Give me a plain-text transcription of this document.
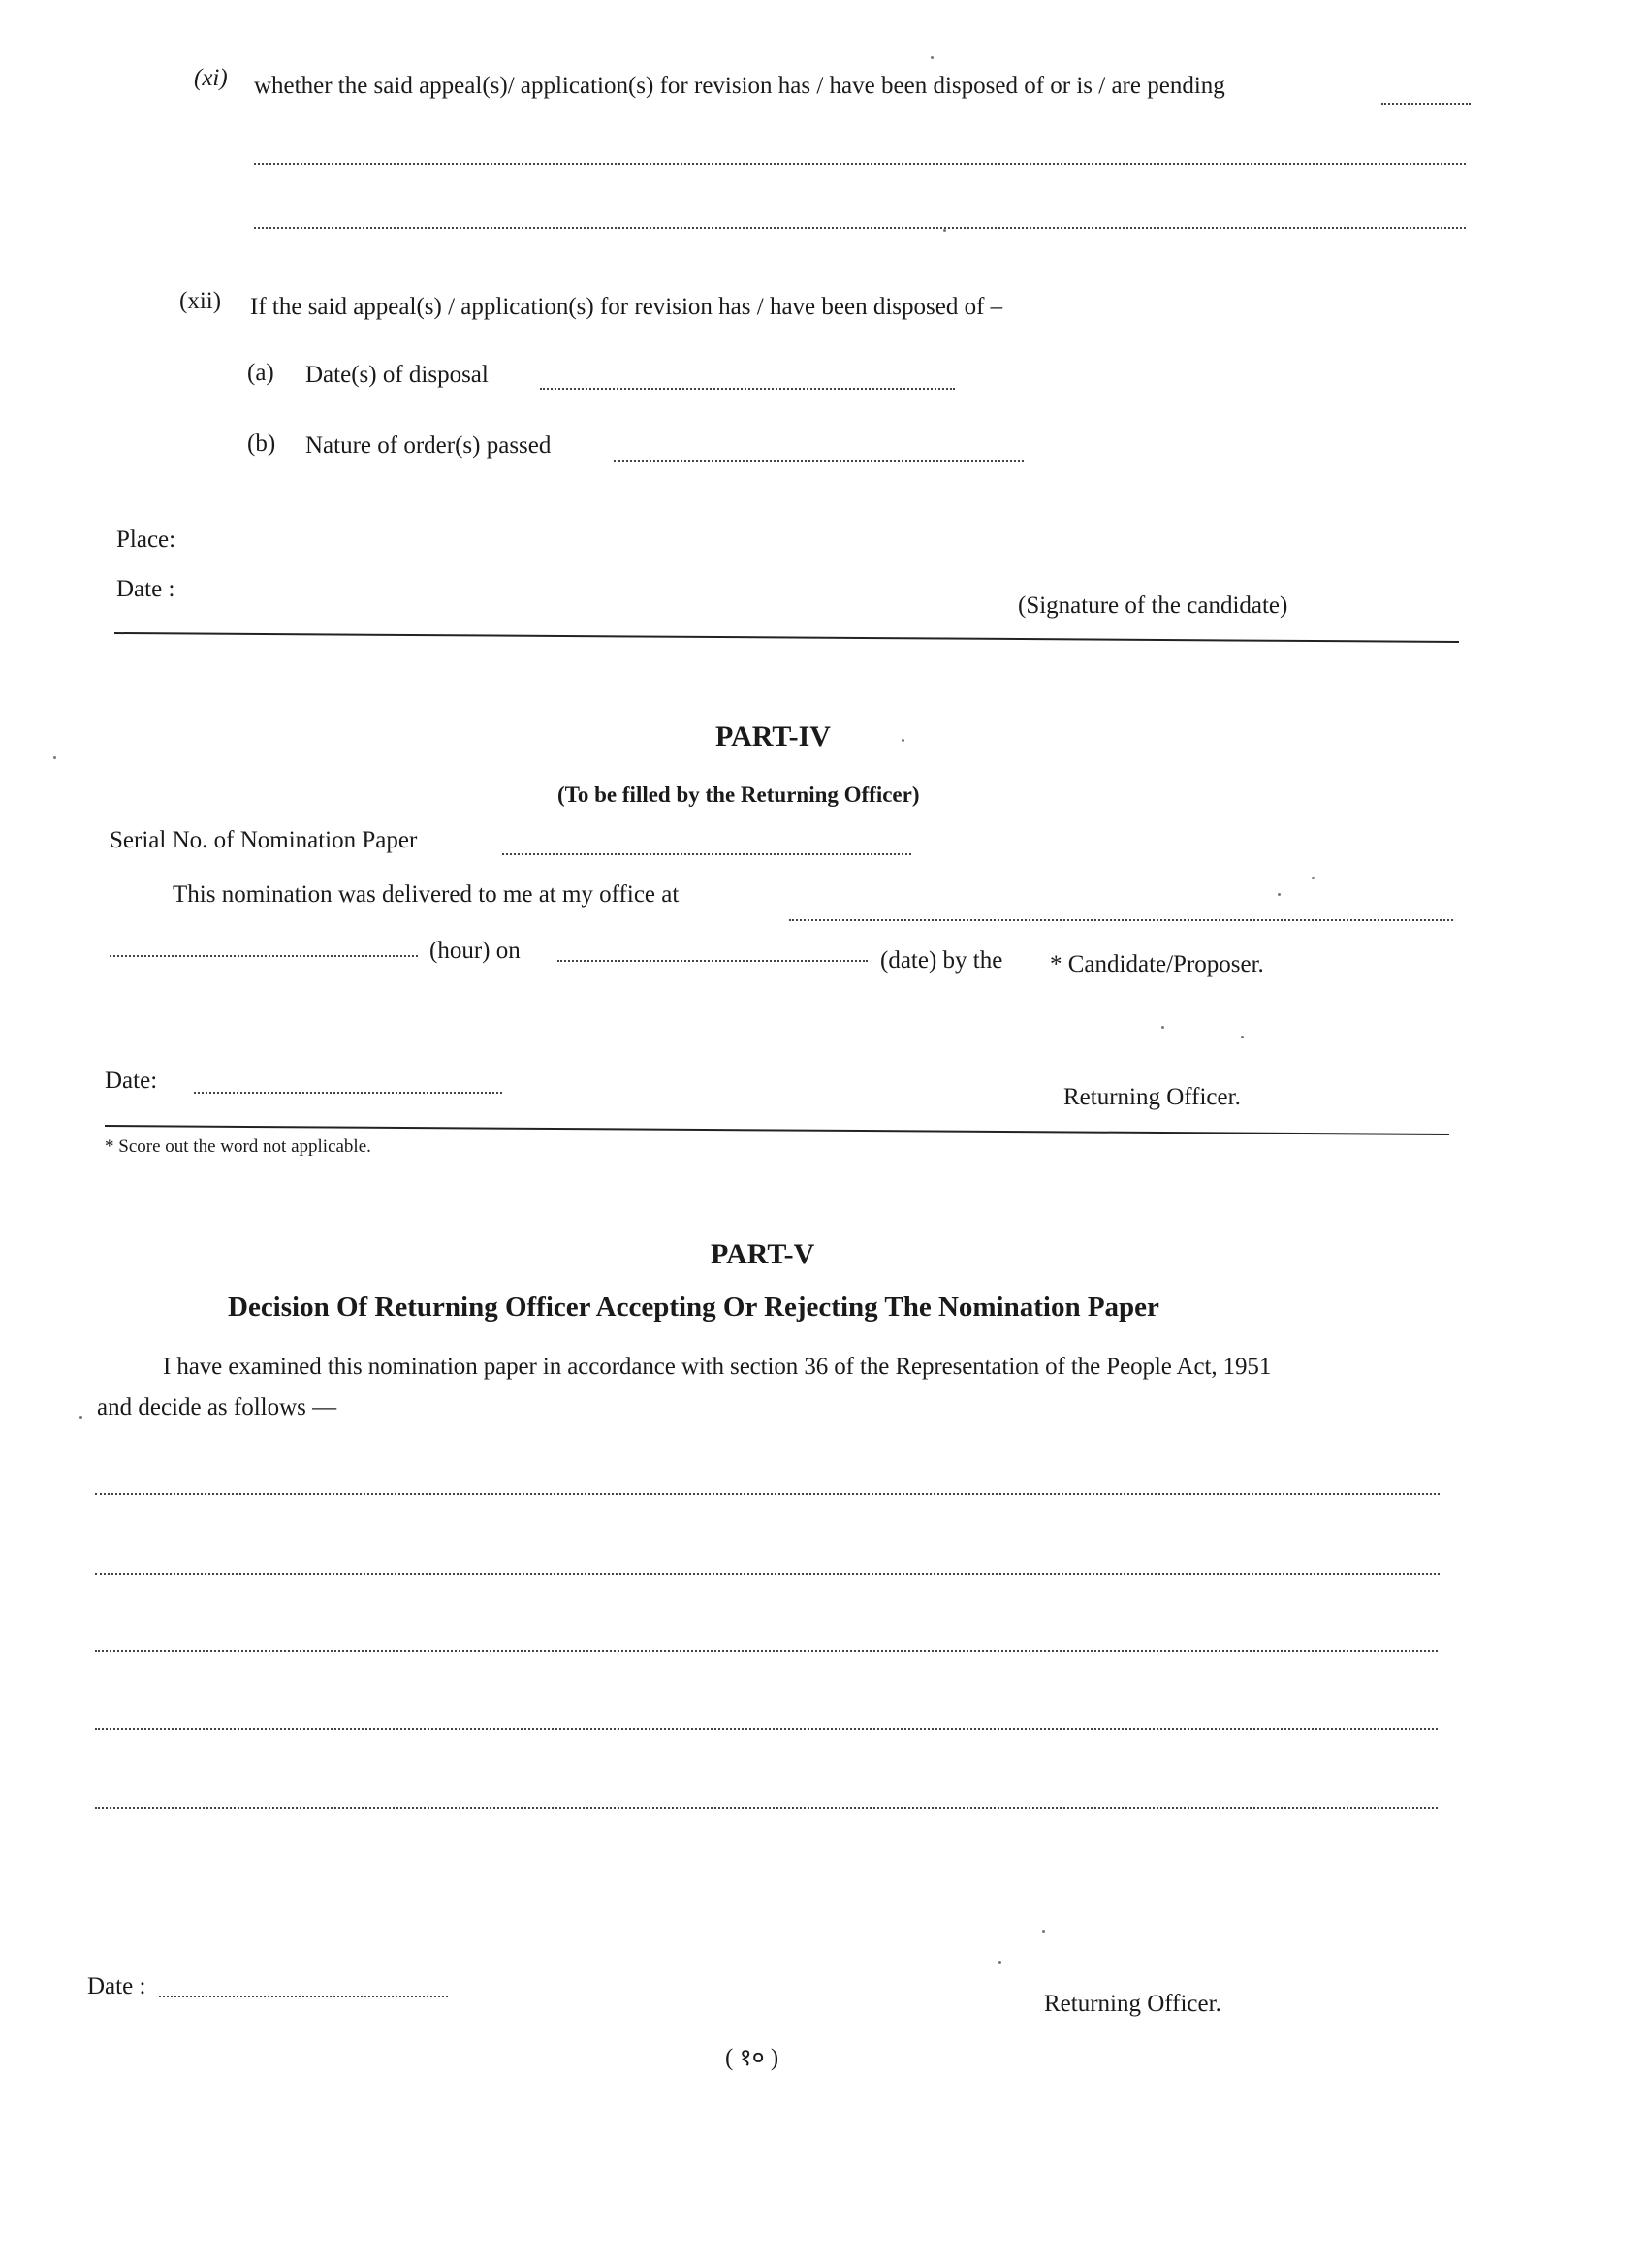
(xi) whether the said appeal(s)/ application(s) for revision has / have been disposed of or is / are pending
(xii) If the said appeal(s) / application(s) for revision has / have been disposed of –
(a) Date(s) of disposal
(b) Nature of order(s) passed
Place:
Date :
(Signature of the candidate)
PART-IV
(To be filled by the Returning Officer)
Serial No. of Nomination Paper
This nomination was delivered to me at my office at
(hour) on	(date) by the * Candidate/Proposer.
Date:
Returning Officer.
* Score out the word not applicable.
PART-V
Decision Of Returning Officer Accepting Or Rejecting The Nomination Paper
I have examined this nomination paper in accordance with section 36 of the Representation of the People Act, 1951
and decide as follows —
Date :
Returning Officer.
( १० )
